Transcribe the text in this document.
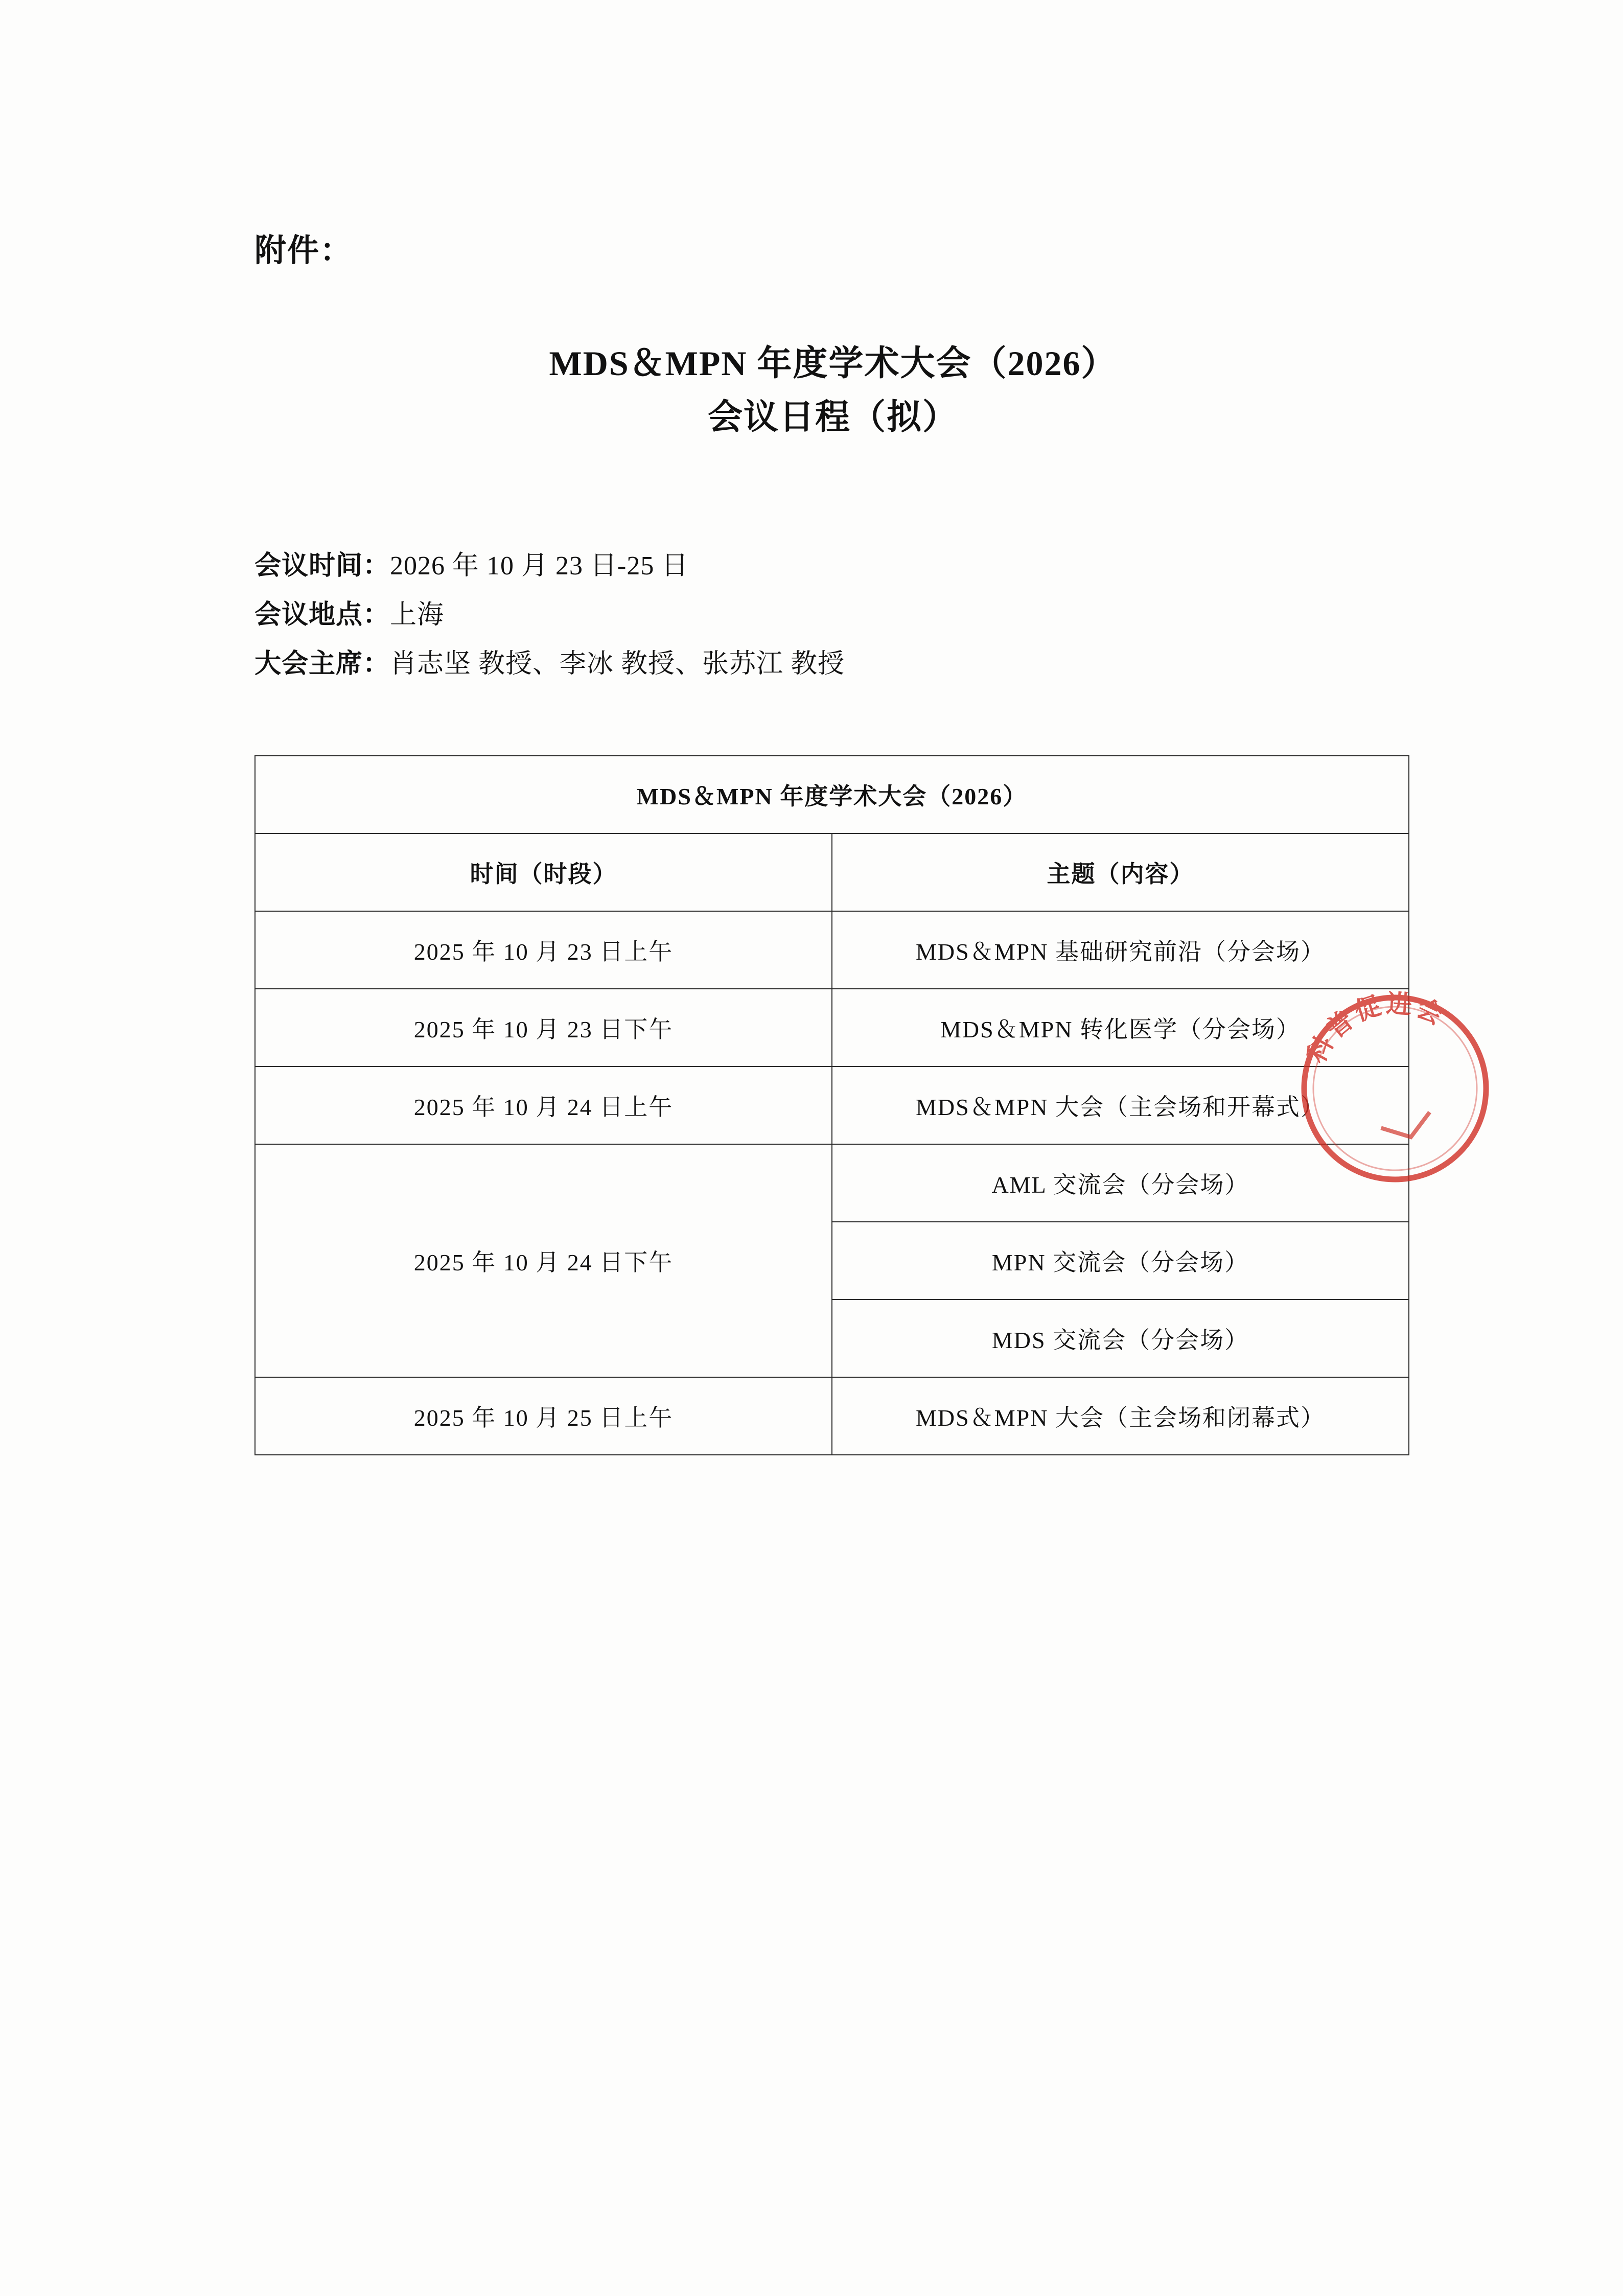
附件：
MDS＆MPN 年度学术大会（2026）
会议日程（拟）
会议时间：2026 年 10 月 23 日-25 日
会议地点：上海
大会主席：肖志坚 教授、李冰 教授、张苏江 教授
MDS＆MPN 年度学术大会（2026）	
时间（时段）	主题（内容）
2025 年 10 月 23 日上午	MDS＆MPN 基础研究前沿（分会场）
2025 年 10 月 23 日下午	MDS＆MPN 转化医学（分会场）
2025 年 10 月 24 日上午	MDS＆MPN 大会（主会场和开幕式）
2025 年 10 月 24 日下午	AML 交流会（分会场）
	MPN 交流会（分会场）
	MDS 交流会（分会场）
2025 年 10 月 25 日上午	MDS＆MPN 大会（主会场和闭幕式）
科普促进会
